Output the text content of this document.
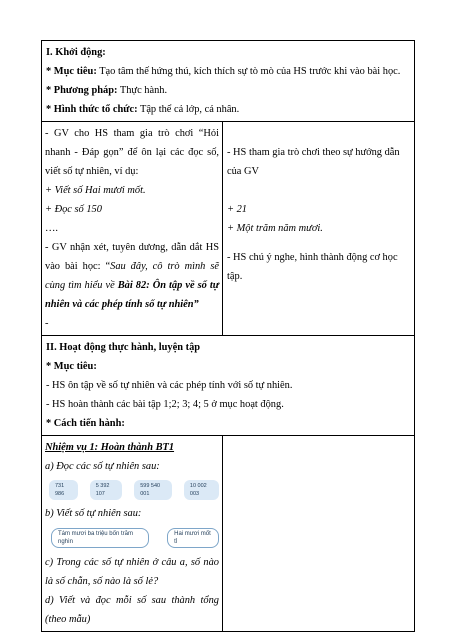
I. Khởi động:

* Mục tiêu: Tạo tâm thế hứng thú, kích thích sự tò mò của HS trước khi vào bài học.

* Phương pháp: Thực hành.

* Hình thức tổ chức: Tập thể cả lớp, cá nhân.

- GV cho HS tham gia trò chơi “Hỏi nhanh - Đáp gọn” để ôn lại các đọc số, viết số tự nhiên, ví dụ:

+ Viết số Hai mươi mốt.

+ Đọc số 150

….

- GV nhận xét, tuyên dương, dẫn dắt HS vào bài học: “Sau đây, cô trò mình sẽ cùng tìm hiểu về Bài 82: Ôn tập về số tự nhiên và các phép tính số tự nhiên”

-

- HS tham gia trò chơi theo sự hướng dẫn của GV

+ 21

+ Một trăm năm mươi.

- HS chú ý nghe, hình thành động cơ học tập.

II. Hoạt động thực hành, luyện tập

* Mục tiêu:

- HS ôn tập về số tự nhiên và các phép tính với số tự nhiên.

- HS hoàn thành các bài tập 1;2; 3; 4; 5 ở mục hoạt động.

* Cách tiến hành:

Nhiệm vụ 1: Hoàn thành BT1

a) Đọc các số tự nhiên sau:

731 986
5 392 107
599 540 001
10 002 003

b) Viết số tự nhiên sau:

Tám mươi ba triệu bốn trăm nghìn
Hai mươi mốt tỉ

c) Trong các số tự nhiên ở câu a, số nào là số chẵn, số nào là số lẻ?

d) Viết và đọc mỗi số sau thành tổng (theo mẫu)
